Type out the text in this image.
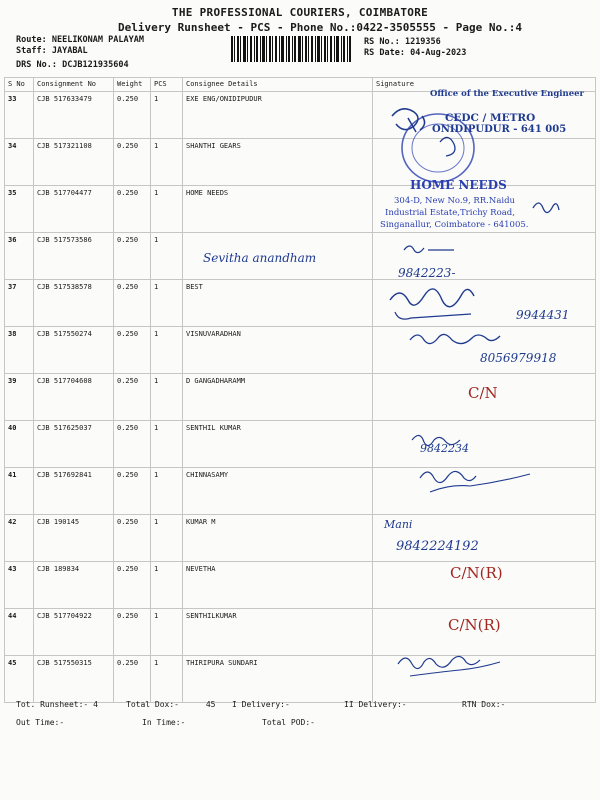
THE PROFESSIONAL COURIERS, COIMBATORE
Delivery Runsheet - PCS - Phone No.:0422-3505555 - Page No.:4
Route: NEELIKONAM PALAYAM
Staff: JAYABAL
DRS No.: DCJB121935604
RS No.: 1219356
RS Date: 04-Aug-2023
S No	Consignment No	Weight	PCS	Consignee Details	Signature
33	CJB 517633479	0.250	1	EXE ENG/ONIDIPUDUR	
34	CJB 517321108	0.250	1	SHANTHI GEARS	
35	CJB 517704477	0.250	1	HOME NEEDS	
36	CJB 517573586	0.250	1		
37	CJB 517538578	0.250	1	BEST	
38	CJB 517550274	0.250	1	VISNUVARADHAN	
39	CJB 517704608	0.250	1	D GANGADHARAMM	
40	CJB 517625037	0.250	1	SENTHIL KUMAR	
41	CJB 517692841	0.250	1	CHINNASAMY	
42	CJB 190145	0.250	1	KUMAR M	
43	CJB 189834	0.250	1	NEVETHA	
44	CJB 517704922	0.250	1	SENTHILKUMAR	
45	CJB 517550315	0.250	1	THIRIPURA SUNDARI	
Office of the Executive Engineer
CEDC / METRO
ONIDIPUDUR - 641 005
HOME NEEDS
304-D, New No.9, RR.Naidu
Industrial Estate,Trichy Road,
Singanallur, Coimbatore - 641005.
Sevitha anandham
9842223-
9944431
8056979918
C/N
9842234
Mani
9842224192
C/N(R)
C/N(R)
Tot. Runsheet:- 4	Total Dox:-	45 I Delivery:-	II Delivery:-	RTN Dox:-
Out Time:-	In Time:-	Total POD:-
